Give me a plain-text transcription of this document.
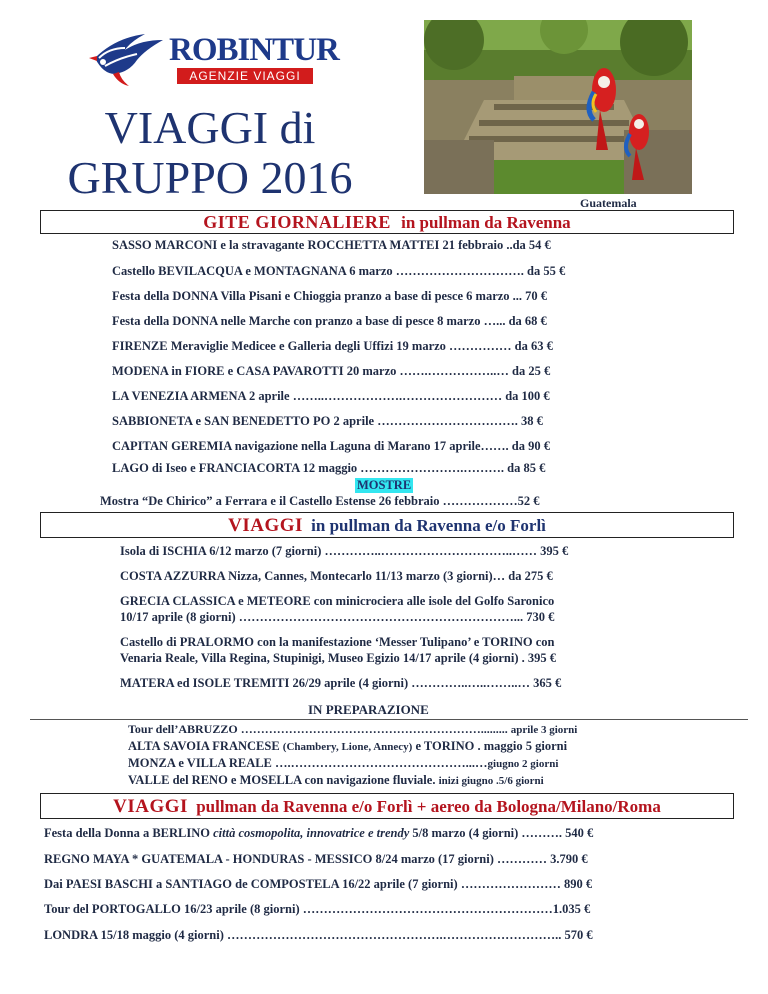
ROBINTUR
AGENZIE VIAGGI
VIAGGI di
GRUPPO 2016	Guatemala
GITE GIORNALIERE in pullman da Ravenna
SASSO MARCONI e la stravagante ROCCHETTA MATTEI 21 febbraio ..da 54 €
Castello BEVILACQUA e MONTAGNANA 6 marzo …………………………. da 55 €
Festa della DONNA Villa Pisani e Chioggia pranzo a base di pesce 6 marzo ... 70 €
Festa della DONNA nelle Marche con pranzo a base di pesce 8 marzo …... da 68 €
FIRENZE Meraviglie Medicee e Galleria degli Uffizi 19 marzo …………… da 63 €
MODENA in FIORE e CASA PAVAROTTI 20 marzo …….……………..… da 25 €
LA VENEZIA ARMENA 2 aprile ……..……………….…………………… da 100 €
SABBIONETA e SAN BENEDETTO PO 2 aprile ……………………………. 38 €
CAPITAN GEREMIA navigazione nella Laguna di Marano 17 aprile……. da 90 €
LAGO di Iseo e FRANCIACORTA 12 maggio …………………….………. da 85 €
MOSTRE
Mostra “De Chirico” a Ferrara e il Castello Estense 26 febbraio ………………52 €
VIAGGI in pullman da Ravenna e/o Forlì
Isola di ISCHIA 6/12 marzo (7 giorni) …………..…………………………..…… 395 €
COSTA AZZURRA Nizza, Cannes, Montecarlo 11/13 marzo (3 giorni)… da 275 €
GRECIA CLASSICA e METEORE con minicrociera alle isole del Golfo Saronico
10/17 aprile (8 giorni) …………………………………………………………... 730 €
Castello di PRALORMO con la manifestazione ‘Messer Tulipano’ e TORINO con
Venaria Reale, Villa Regina, Stupinigi, Museo Egizio 14/17 aprile (4 giorni) . 395 €
MATERA ed ISOLE TREMITI 26/29 aprile (4 giorni) …………..…..……..… 365 €
IN PREPARAZIONE
Tour dell’ABRUZZO ……………………………………………………......... aprile 3 giorni
ALTA SAVOIA FRANCESE (Chambery, Lione, Annecy) e TORINO . maggio 5 giorni
MONZA e VILLA REALE ….……………………………………...…giugno 2 giorni
VALLE del RENO e MOSELLA con navigazione fluviale. inizi giugno .5/6 giorni
VIAGGI pullman da Ravenna e/o Forlì + aereo da Bologna/Milano/Roma
Festa della Donna a BERLINO città cosmopolita, innovatrice e trendy 5/8 marzo (4 giorni) ………. 540 €
REGNO MAYA * GUATEMALA - HONDURAS - MESSICO 8/24 marzo (17 giorni) ………… 3.790 €
Dai PAESI BASCHI a SANTIAGO de COMPOSTELA 16/22 aprile (7 giorni) …………………… 890 €
Tour del PORTOGALLO 16/23 aprile (8 giorni) ……………………………………………………1.035 €
LONDRA 15/18 maggio (4 giorni) …………………………………………….……………………….. 570 €
